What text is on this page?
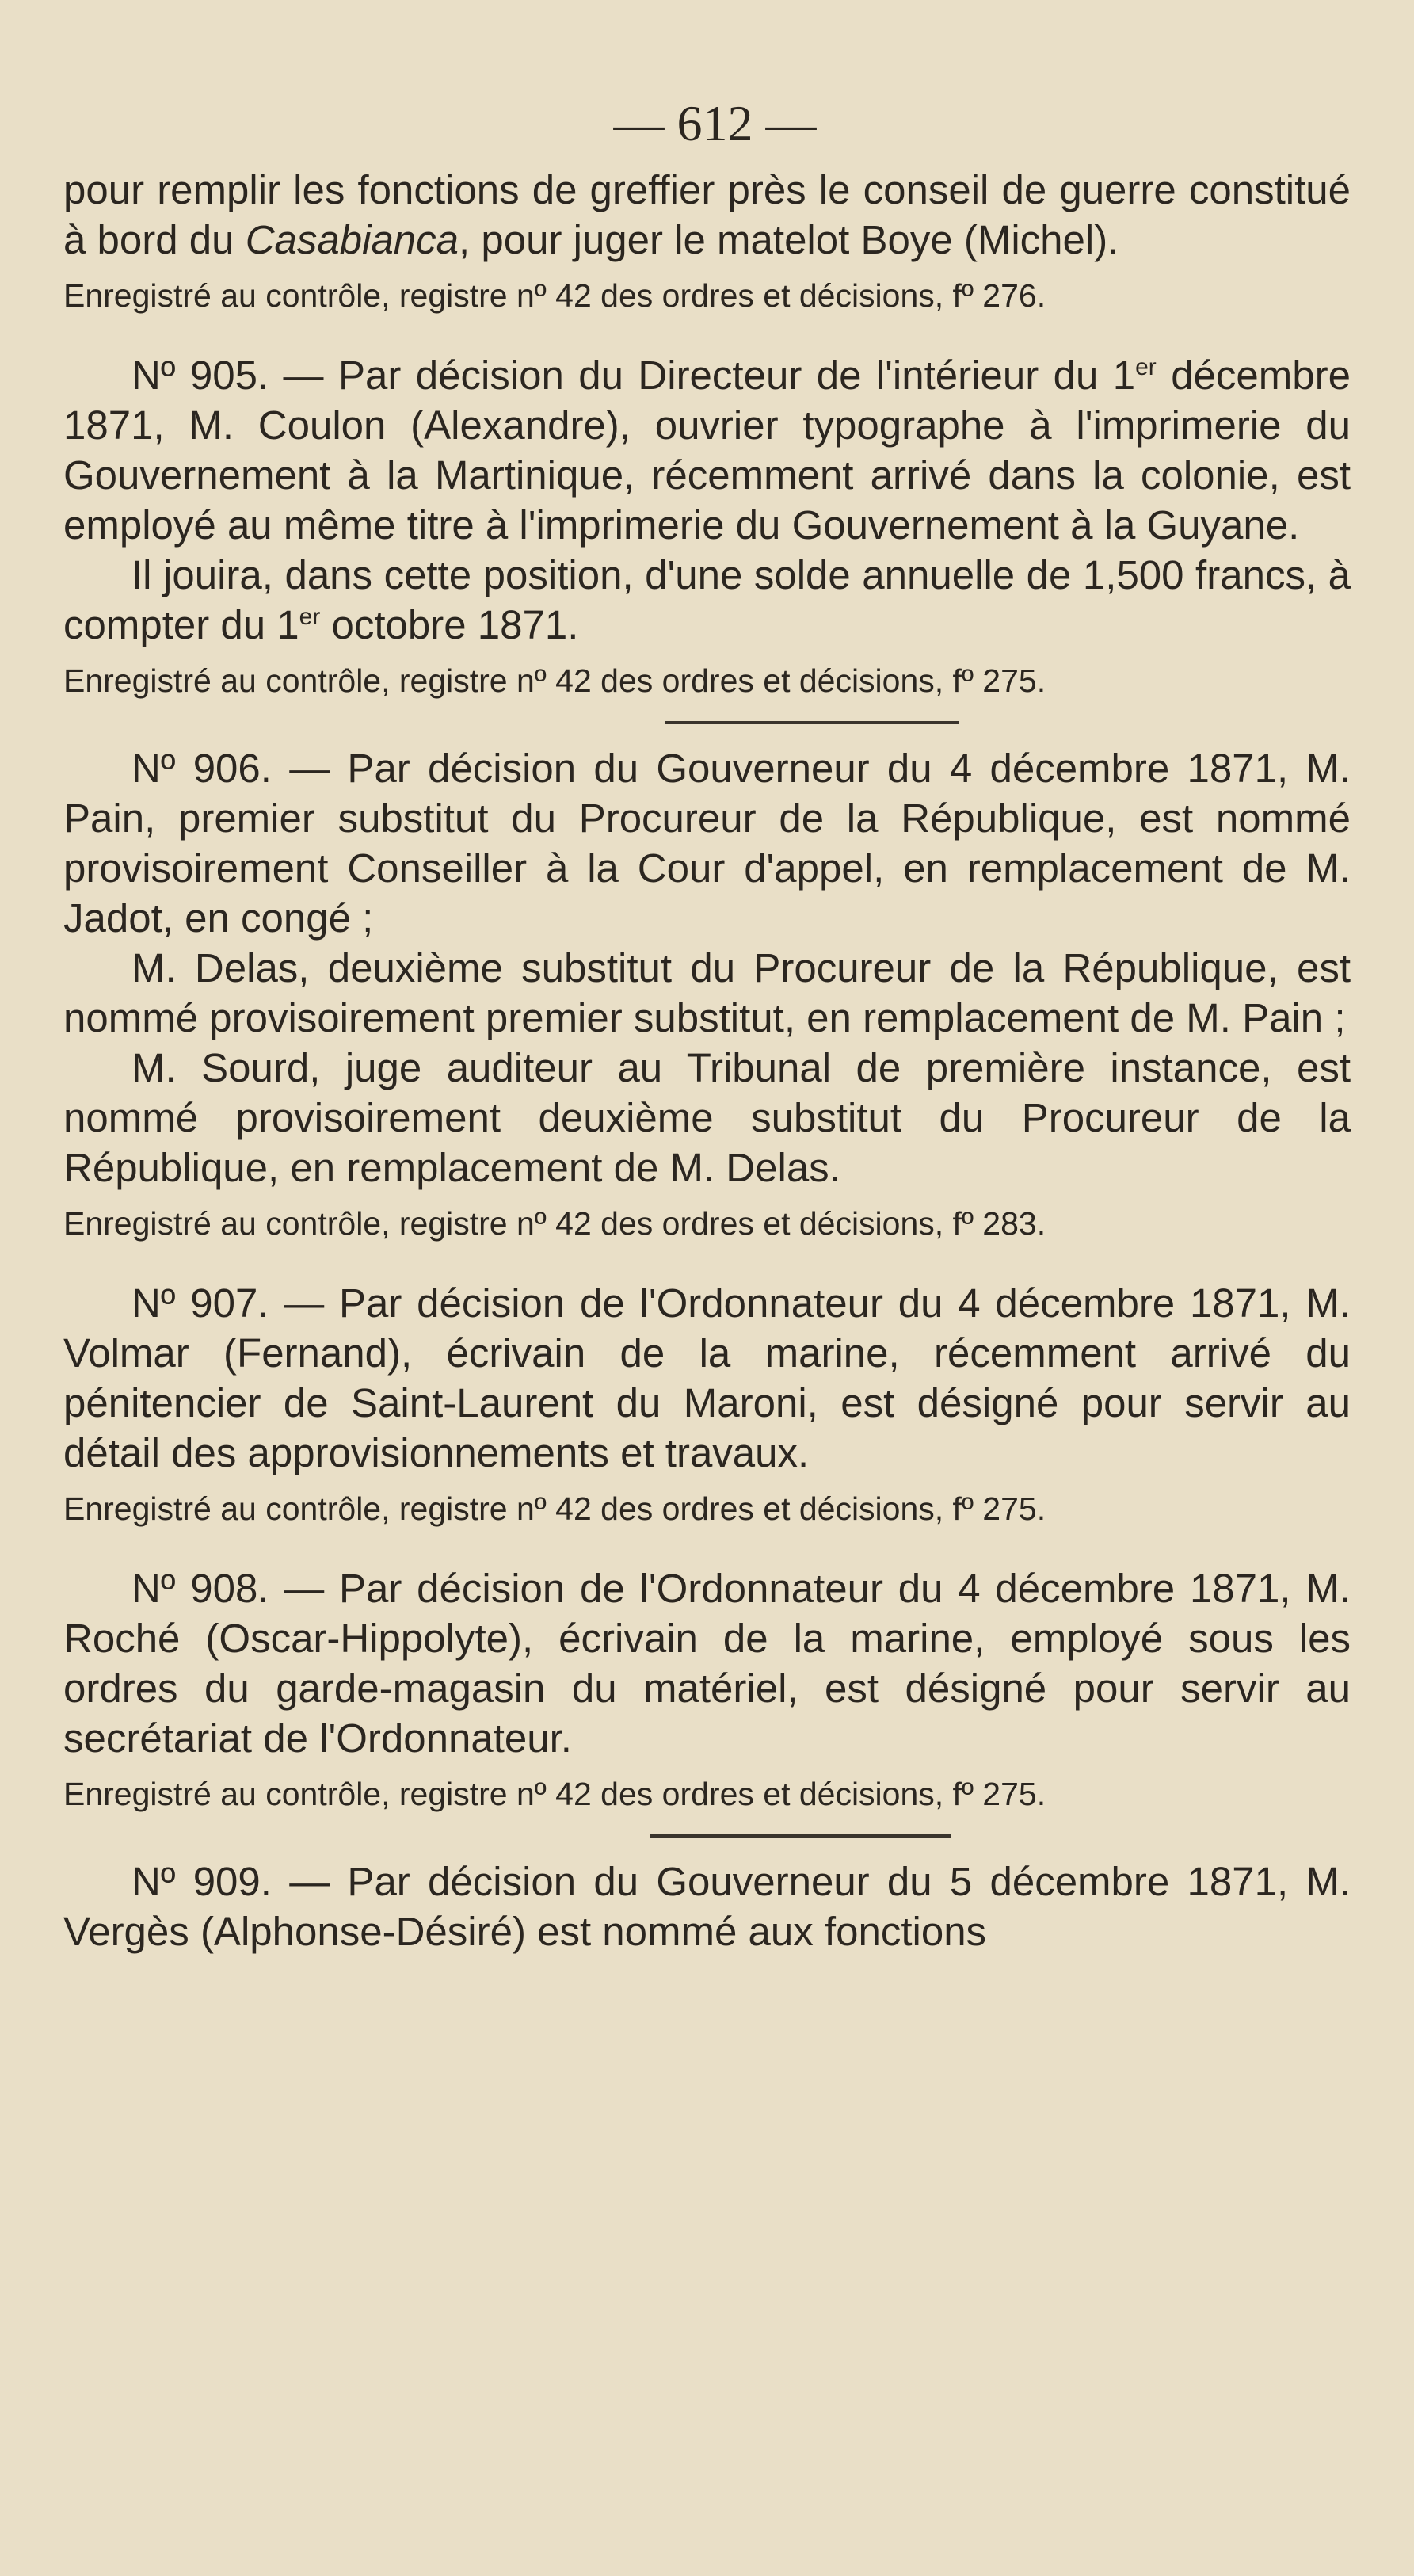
— 612 —

pour remplir les fonctions de greffier près le conseil de guerre constitué à bord du Casabianca, pour juger le matelot Boye (Michel).

Enregistré au contrôle, registre nº 42 des ordres et décisions, fº 276.

Nº 905. — Par décision du Directeur de l'intérieur du 1er décembre 1871, M. Coulon (Alexandre), ouvrier typographe à l'imprimerie du Gouvernement à la Martinique, récemment arrivé dans la colonie, est employé au même titre à l'imprimerie du Gouvernement à la Guyane.

Il jouira, dans cette position, d'une solde annuelle de 1,500 francs, à compter du 1er octobre 1871.

Enregistré au contrôle, registre nº 42 des ordres et décisions, fº 275.

Nº 906. — Par décision du Gouverneur du 4 décembre 1871, M. Pain, premier substitut du Procureur de la République, est nommé provisoirement Conseiller à la Cour d'appel, en remplacement de M. Jadot, en congé ;

M. Delas, deuxième substitut du Procureur de la République, est nommé provisoirement premier substitut, en remplacement de M. Pain ;

M. Sourd, juge auditeur au Tribunal de première instance, est nommé provisoirement deuxième substitut du Procureur de la République, en remplacement de M. Delas.

Enregistré au contrôle, registre nº 42 des ordres et décisions, fº 283.

Nº 907. — Par décision de l'Ordonnateur du 4 décembre 1871, M. Volmar (Fernand), écrivain de la marine, récemment arrivé du pénitencier de Saint-Laurent du Maroni, est désigné pour servir au détail des approvisionnements et travaux.

Enregistré au contrôle, registre nº 42 des ordres et décisions, fº 275.

Nº 908. — Par décision de l'Ordonnateur du 4 décembre 1871, M. Roché (Oscar-Hippolyte), écrivain de la marine, employé sous les ordres du garde-magasin du matériel, est désigné pour servir au secrétariat de l'Ordonnateur.

Enregistré au contrôle, registre nº 42 des ordres et décisions, fº 275.

Nº 909. — Par décision du Gouverneur du 5 décembre 1871, M. Vergès (Alphonse-Désiré) est nommé aux fonctions
